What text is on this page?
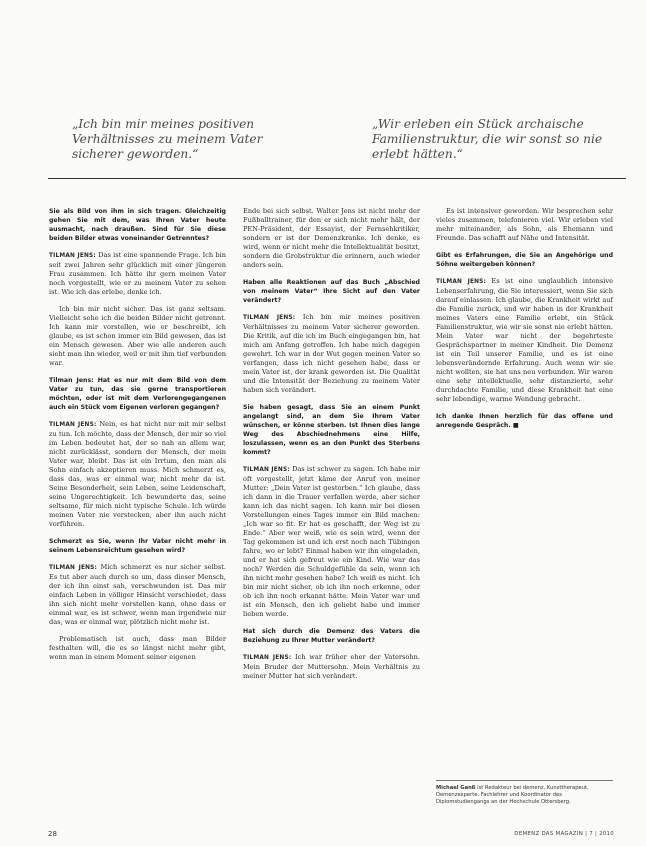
„Ich bin mir meines positiven Verhältnisses zu meinem Vater sicherer geworden.“
„Wir erleben ein Stück archaische Familienstruktur, die wir sonst so nie erlebt hätten.“

Sie als Bild von ihm in sich tragen. Gleichzeitig gehen Sie mit dem, was Ihren Vater heute ausmacht, nach draußen. Sind für Sie diese beiden Bilder etwas voneinander Getrenntes?

TILMAN JENS: Das ist eine spannende Frage. Ich bin seit zwei Jahren sehr glücklich mit einer jüngeren Frau zusammen. Ich hätte ihr gern meinen Vater noch vorgestellt, wie er zu meinem Vater zu sehen ist. Wie ich das erlebe, denke ich.

Ich bin mir nicht sicher. Das ist ganz seltsam. Vielleicht sehe ich die beiden Bilder nicht getrennt. Ich kann mir vorstellen, wie er beschreibt, ich glaube, es ist schon immer ein Bild gewesen, das ist ein Mensch gewesen. Aber wie alle anderen auch sieht man ihn wieder, weil er mit ihm tief verbunden war.

Tilman Jens: Hat es nur mit dem Bild von dem Vater zu tun, das sie gerne transportieren möchten, oder ist mit dem Verlorengegangenen auch ein Stück vom Eigenen verloren gegangen?

TILMAN JENS: Nein, es hat nicht nur mit mir selbst zu tun. Ich möchte, dass der Mensch, der mir so viel im Leben bedeutet hat, der so nah an allem war, nicht zurücklässt, sondern der Mensch, der mein Vater war, bleibt. Das ist ein Irrtum, den man als Sohn einfach akzeptieren muss. Mich schmerzt es, dass das, was er einmal war, nicht mehr da ist. Seine Besonderheit, sein Leben, seine Leidenschaft, seine Ungerechtigkeit. Ich bewunderte das, seine seltsame, für mich nicht typische Schule. Ich würde meinen Vater nie verstecken, aber ihn auch nicht vorführen.

Schmerzt es Sie, wenn Ihr Vater nicht mehr in seinem Lebensreichtum gesehen wird?

TILMAN JENS: Mich schmerzt es nur sicher selbst. Es tut aber auch durch so um, dass dieser Mensch, der ich ihn einst sah, verschwunden ist. Das mir einfach Leben in völliger Hinsicht verschiedet, dass ihn sich nicht mehr vorstellen kann, ohne dass er einmal war, es ist schwer, wenn man irgendwie nur das, was er einmal war, plötzlich nicht mehr ist.

Problematisch ist auch, dass man Bilder festhalten will, die es so längst nicht mehr gibt, wenn man in einem Moment seiner eigenen

Ende bei sich selbst. Walter Jens ist nicht mehr der Fußballtrainer, für den er sich nicht mehr hält, der PEN-Präsident, der Essayist, der Fernsehkritiker, sondern er ist der Demenzkranke. Ich denke, es wird, wenn er nicht mehr die Intellektualität besitzt, sondern die Grobstruktur die erinnern, auch wieder anders sein.

Haben alle Reaktionen auf das Buch „Abschied von meinem Vater“ Ihre Sicht auf den Vater verändert?

TILMAN JENS: Ich bin mir meines positiven Verhältnisses zu meinem Vater sicherer geworden. Die Kritik, auf die ich im Buch eingegangen bin, hat mich am Anfang getroffen. Ich habe mich dagegen gewehrt. Ich war in der Wut gegen meinen Vater so verfangen, dass ich nicht gesehen habe, dass er mein Vater ist, der krank geworden ist. Die Qualität und die Intensität der Beziehung zu meinem Vater haben sich verändert.

Sie haben gesagt, dass Sie an einem Punkt angelangt sind, an dem Sie Ihrem Vater wünschen, er könne sterben. Ist Ihnen dies lange Weg des Abschiednehmens eine Hilfe, loszulassen, wenn es an den Punkt des Sterbens kommt?

TILMAN JENS: Das ist schwer zu sagen. Ich habe mir oft vorgestellt, jetzt käme der Anruf von meiner Mutter: „Dein Vater ist gestorben.“ Ich glaube, dass ich dann in die Trauer verfallen werde, aber sicher kann ich das nicht sagen. Ich kann mir bei diesen Vorstellungen eines Tages immer ein Bild machen: „Ich war so fit. Er hat es geschafft, der Weg ist zu Ende.“ Aber wer weiß, wie es sein wird, wenn der Tag gekommen ist und ich erst noch nach Tübingen fahre, wo er lebt? Einmal haben wir ihn eingeladen, und er hat sich gefreut wie ein Kind. Wie war das noch? Werden die Schuldgefühle da sein, wenn ich ihn nicht mehr gesehen habe? Ich weiß es nicht. Ich bin mir nicht sicher, ob ich ihn noch erkenne, oder ob ich ihn noch erkannt hätte. Mein Vater war und ist ein Mensch, den ich geliebt habe und immer lieben werde.

Hat sich durch die Demenz des Vaters die Beziehung zu Ihrer Mutter verändert?

TILMAN JENS: Ich war früher eher der Vatersohn. Mein Bruder der Muttersohn. Mein Verhältnis zu meiner Mutter hat sich verändert.

Es ist intensiver geworden. Wir besprechen sehr vieles zusammen, telefonieren viel. Wir erleben viel mehr miteinander, als Sohn, als Ehemann und Freunde. Das schafft auf Nähe und Intensität.

Gibt es Erfahrungen, die Sie an Angehörige und Söhne weitergeben können?

TILMAN JENS: Es ist eine unglaublich intensive Lebenserfahrung, die Sie interessiert, wenn Sie sich darauf einlassen. Ich glaube, die Krankheit wirkt auf die Familie zurück, und wir haben in der Krankheit meines Vaters eine Familie erlebt, ein Stück Familienstruktur, wie wir sie sonst nie erlebt hätten. Mein Vater war nicht der begehrteste Gesprächspartner in meiner Kindheit. Die Demenz ist ein Teil unserer Familie, und es ist eine lebensverändernde Erfahrung. Auch wenn wir sie nicht wollten, sie hat uns neu verbunden. Wir waren eine sehr intellektuelle, sehr distanzierte, sehr durchdachte Familie, und diese Krankheit hat eine sehr lebendige, warme Wendung gebracht.

Ich danke Ihnen herzlich für das offene und anregende Gespräch. ■

Michael Ganß ist Redakteur bei demenz, Kunsttherapeut, Demenzexperte, Fachlehrer und Koordinator des Diplomstudiengangs an der Hochschule Ottersberg.
28	DEMENZ DAS MAGAZIN | 7 | 2010
